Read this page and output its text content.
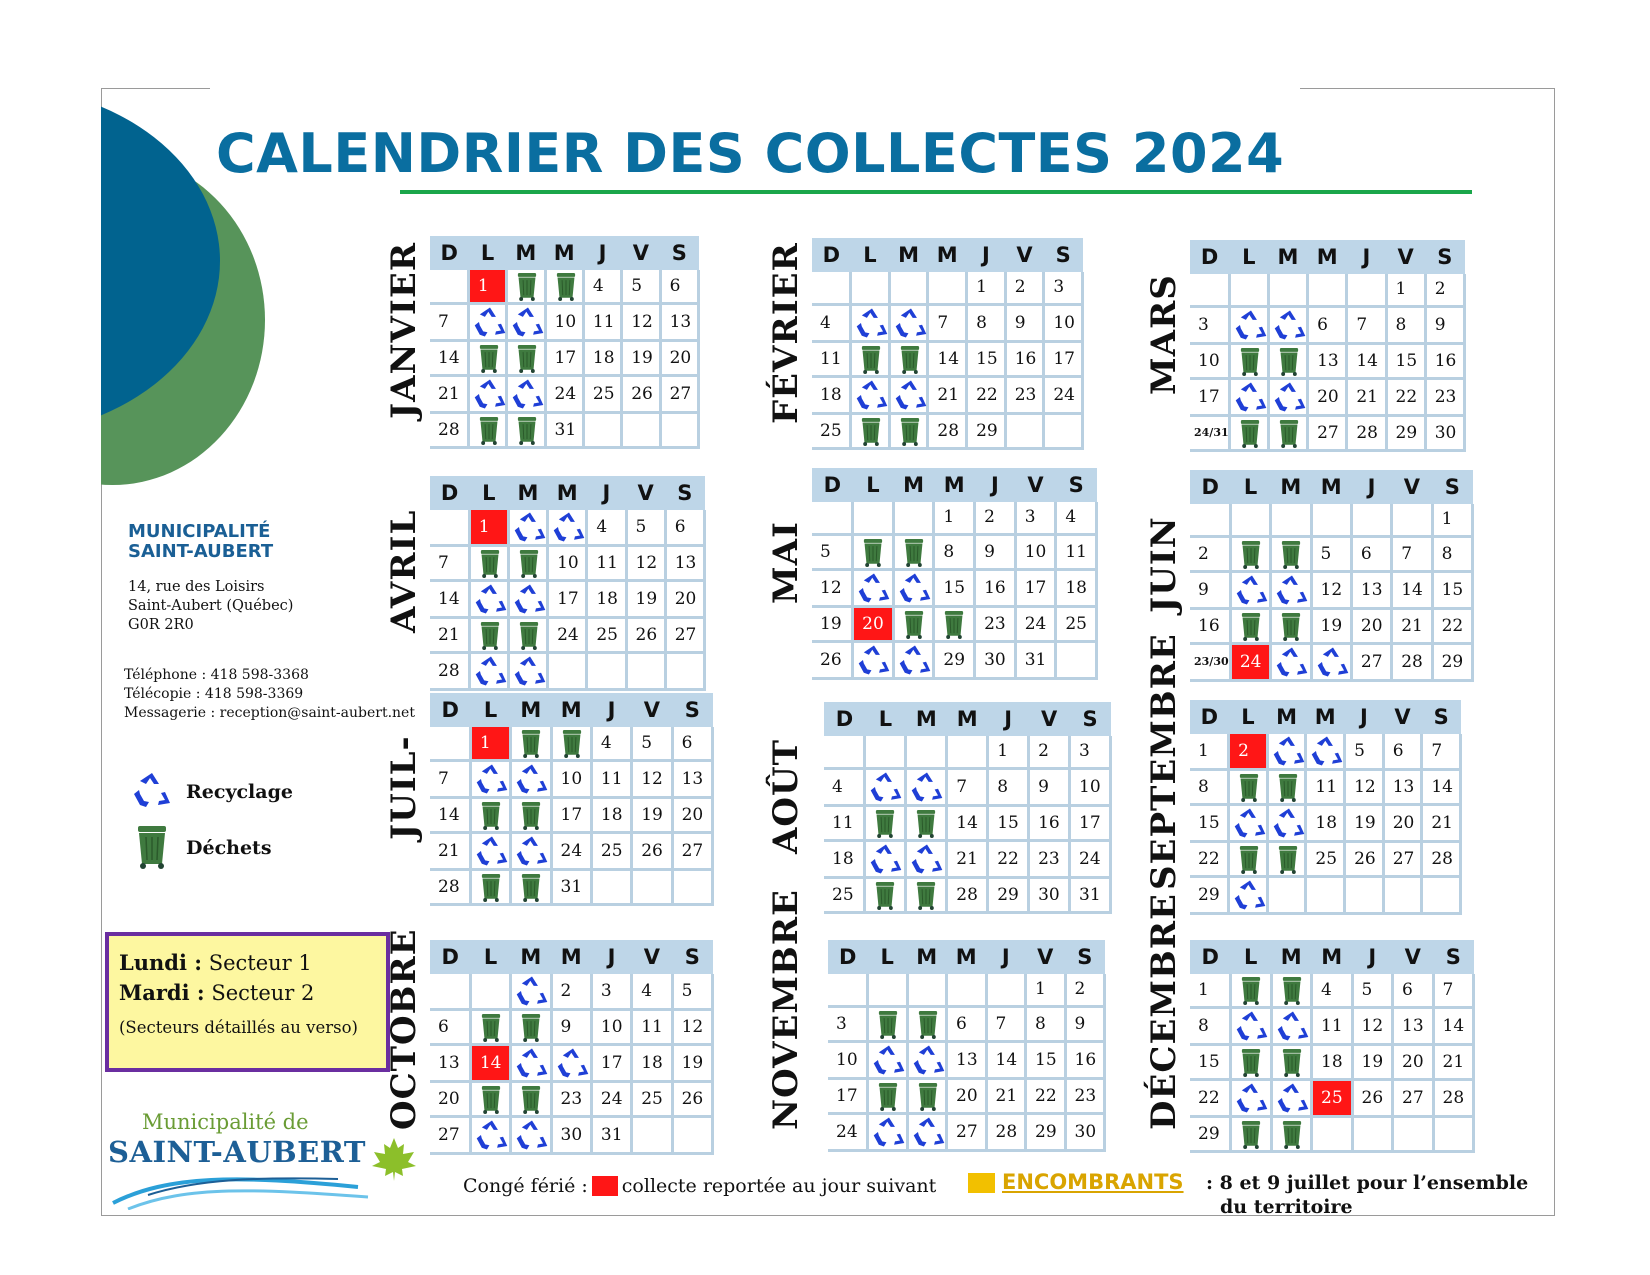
CALENDRIER DES COLLECTES 2024
MUNICIPALITÉ
SAINT-AUBERT
14, rue des Loisirs
Saint-Aubert (Québec)
G0R 2R0
Téléphone : 418 598-3368
Télécopie : 418 598-3369
Messagerie : reception@saint-aubert.net
Recyclage
Déchets
Lundi : Secteur 1
Mardi : Secteur 2
(Secteurs détaillés au verso)
Municipalité de
SAINT-AUBERT
JANVIER D	L	M	M	J	V	S
	1			4	5	6
7			10	11	12	13
14			17	18	19	20
21			24	25	26	27
28			31			
FÉVRIER D	L	M	M	J	V	S
				1	2	3
4			7	8	9	10
11			14	15	16	17
18			21	22	23	24
25			28	29		
MARS
D	L	M	M	J	V	S
					1	2
3			6	7	8	9
10			13	14	15	16
17			20	21	22	23
24/31			27	28	29	30
AVRIL
D	L	M	M	J	V	S
	1			4	5	6
7			10	11	12	13
14			17	18	19	20
21			24	25	26	27
28						
MAI
D	L	M	M	J	V	S
			1	2	3	4
5			8	9	10	11
12			15	16	17	18
19	20			23	24	25
26			29	30	31	
JUIN
D	L	M	M	J	V	S
						1
2			5	6	7	8
9			12	13	14	15
16			19	20	21	22
23/30	24			27	28	29
JUIL-
D	L	M	M	J	V	S
	1			4	5	6
7			10	11	12	13
14			17	18	19	20
21			24	25	26	27
28			31			
AOÛT
D	L	M	M	J	V	S
				1	2	3
4			7	8	9	10
11			14	15	16	17
18			21	22	23	24
25			28	29	30	31
SEPTEMBRE D	L	M	M	J	V	S
1	2			5	6	7
8			11	12	13	14
15			18	19	20	21
22			25	26	27	28
29						
OCTOBRE D	L	M	M	J	V	S
			2	3	4	5
6			9	10	11	12
13	14			17	18	19
20			23	24	25	26
27			30	31		
NOVEMBRE D	L	M	M	J	V	S
					1	2
3			6	7	8	9
10			13	14	15	16
17			20	21	22	23
24			27	28	29	30
DÉCEMBRE D	L	M	M	J	V	S
1			4	5	6	7
8			11	12	13	14
15			18	19	20	21
22			25	26	27	28
29						
Congé férié : collecte reportée au jour suivant	ENCOMBRANTS : 8 et 9 juillet pour l’ensemble
du territoire
